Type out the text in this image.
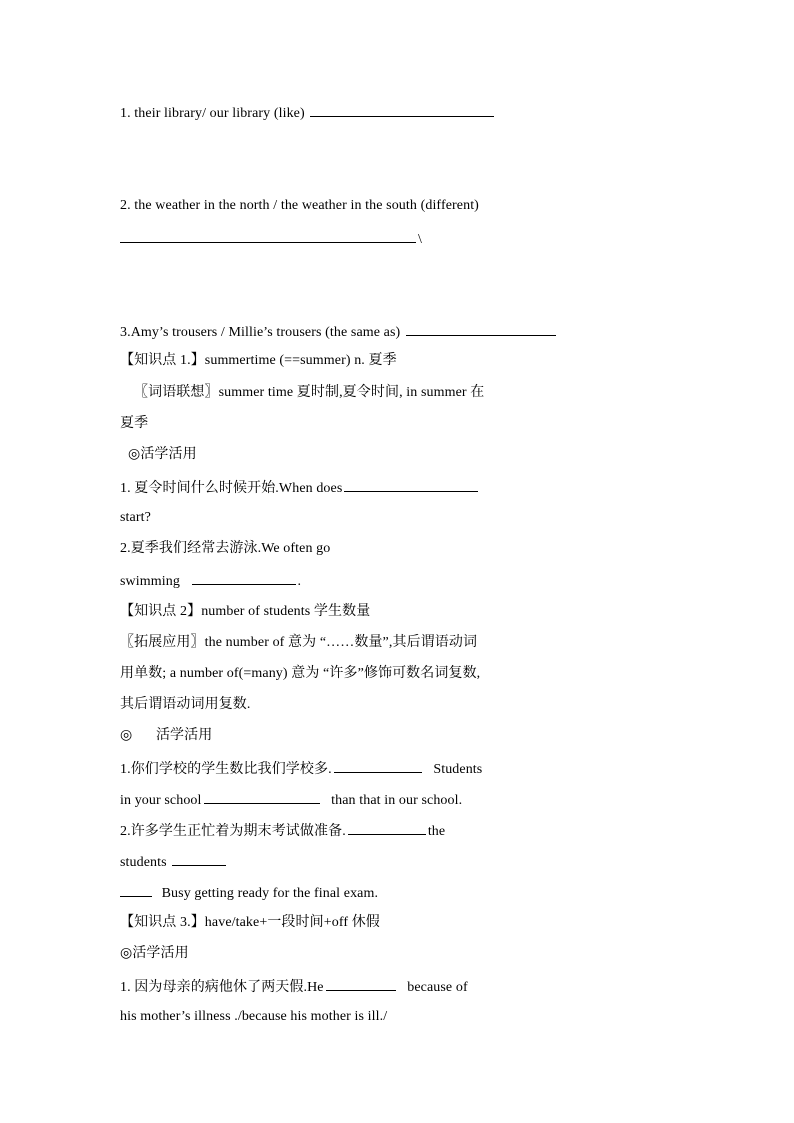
1. their library/ our library (like)
2. the weather in the north / the weather in the south (different)
\
3.Amy’s trousers / Millie’s trousers (the same as)
【知识点 1.】summertime (==summer) n. 夏季
〖词语联想〗summer time 夏时制,夏令时间, in summer 在
夏季
◎活学活用
1. 夏令时间什么时候开始.When does
start?
2.夏季我们经常去游泳.We often go
swimming	.
【知识点 2】number of students 学生数量
〖拓展应用〗the number of 意为 “……数量”,其后谓语动词
用单数; a number of(=many) 意为 “许多”修饰可数名词复数,
其后谓语动词用复数.
◎ 活学活用
1.你们学校的学生数比我们学校多.	Students
in your school	than that in our school.
2.许多学生正忙着为期末考试做准备.	the
students
Busy getting ready for the final exam.
【知识点 3.】have/take+一段时间+off 休假
◎活学活用
1. 因为母亲的病他休了两天假.He	because of
his mother’s illness ./because his mother is ill./
